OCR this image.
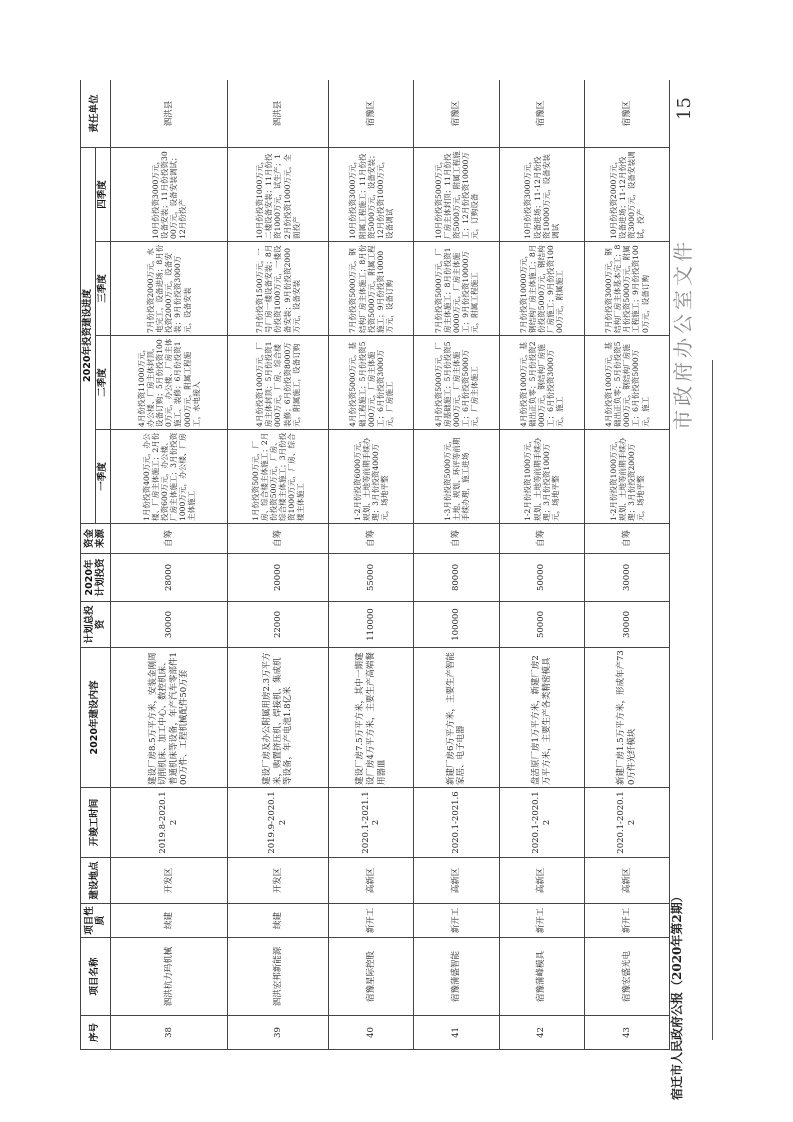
市政府办公室文件
15
宿迁市人民政府公报（2020年第2期）
序号	项目名称	项目性质	建设地点	开竣工时间	2020年建设内容	计划总投资	2020年计划投资	资金来源	2020年投资建设进度				责任单位
									一季度	二季度	三季度	四季度	
38	泗洪杭力玛机械	续建	开发区	2019.8-2020.12	建设厂房8.5万平方米，安装金刚周切削机床、加工中心、数控机床、普通机床等设备，年产汽车零部件100万件、工程机械配件50万套	30000	28000	自筹	1月份投资400万元，办公楼、厂房主体施工；2月份投资600万元，办公楼、厂房主体施工；3月份投资1000万元，办公楼、厂房主体施工	4月份投资11000万元，办公楼、厂房主体封顶，设备订购；5月份投资1000万元，办公楼、厂房主体施工、装修；6月份投资1000万元，附属工程施工，水电接入	7月份投资2000万元，水电完工，设备进场；8月份投资2000万元，设备安装；9月份投资3000万元，设备安装	10月份投资3000万元，设备安装；11月份投资3000万元，设备安装调试；12月份投产	泗洪县
39	泗洪宏邦新能源	续建	开发区	2019.9-2020.12	建设厂房及办公附属用房2.3万平方米，购置挤压机、焊接机、集成机等设备，年产电池1.8亿米	22000	20000	自筹	1月份投资500万元，厂房、综合楼主体施工；2月份投资500万元，厂房、综合楼主体施工；3月份投资1000万元，厂房、综合楼主体施工	4月份投资1000万元，厂房主体封顶；5月份投资1000万元，厂房、综合楼装修；6月份投资8000万元，附属施工，设备订购	7月份投资1500万元，一号厂房一楼设备安装；8月份投资1000万元，一楼设备安装；9月份投资2000万元，设备安装	10月份投资1000万元，二楼设备安装；11月份投资1000万元，试生产；12月份投资1000万元，全面投产	泗洪县
40	宿豫星际控股	新开工	高新区	2020.1-2021.12	建设厂房7.5万平方米，其中一期建设厂房4万平方米，主要生产高端餐用器皿	110000	55000	自筹	1-2月份投资6000万元，规划、土地等前期手续办理；3月份投资4000万元，场地平整	4月份投资5000万元，基础工程施工；5月份投资5000万元，厂房主体施工；6月份投资3000万元，厂房施工	7月份投资5000万元，钢结构厂房主体施工；8月份投资5000万元，附属工程施工；9月份投资10000万元，设备订购	10月份投资3000万元，附属工程施工；11月份投资5000万元，设备安装；12月份投资1000万元，设备调试	宿豫区
41	宿豫蒲盛智能	新开工	高新区	2020.1-2021.6	新建厂房6万平方米，主要生产智能家居、电子电器	100000	80000	自筹	1-3月份投资5000万元，土地、规划、环评等前期手续办理，施工进场	4月份投资5000万元，厂房基础施工；5月份投资5000万元，厂房主体施工；6月份投资5000万元，厂房主体施工	7月份投资5000万元，厂房主体施工；8月份投资10000万元，厂房主体施工；9月份投资10000万元，附属工程施工	10月份投资5000万元，厂房主体封顶；11月份投资5000万元，附属工程施工；12月份投资10000万元，订购设备	宿豫区
42	宿豫蒲峰模具	新开工	高新区	2020.1-2020.12	盘活原厂房1万平方米，新建厂房2万平方米，主要生产各类精密模具	50000	50000	自筹	1-2月份投资1000万元，规划、土地等前期手续办理；3月份投资1000万元，场地平整	4月份投资1000万元，基础出正负零；5月份投资2000万元，钢结构厂房施工；6月份投资3000万元，施工	7月份投资10000万元，钢结构厂房主体施工；8月份投资5000万元，钢结构厂房施工；9月份投资10000万元，附属施工	10月份投资3000万元，设备进场；11-12月份投资10000万元，设备安装调试	宿豫区
43	宿豫宏盛光电	新开工	高新区	2020.1-2020.12	新建厂房1.5万平方米，形成年产730万件光纤模块	30000	30000	自筹	1-2月份投资1000万元，规划、土地等前期手续办理；3月份投资2000万元，场地平整	4月份投资1000万元，基础出正负零；5月份投资5000万元，钢结构厂房施工；6月份投资5000万元，施工	7月份投资3000万元，钢结构厂房主体基本完工；8月份投资5000万元，附属工程施工；9月份投资1000万元，设备订购	10月份投资2000万元，设备进场；11-12月份投资3000万元，设备安装调试，投产	宿豫区
